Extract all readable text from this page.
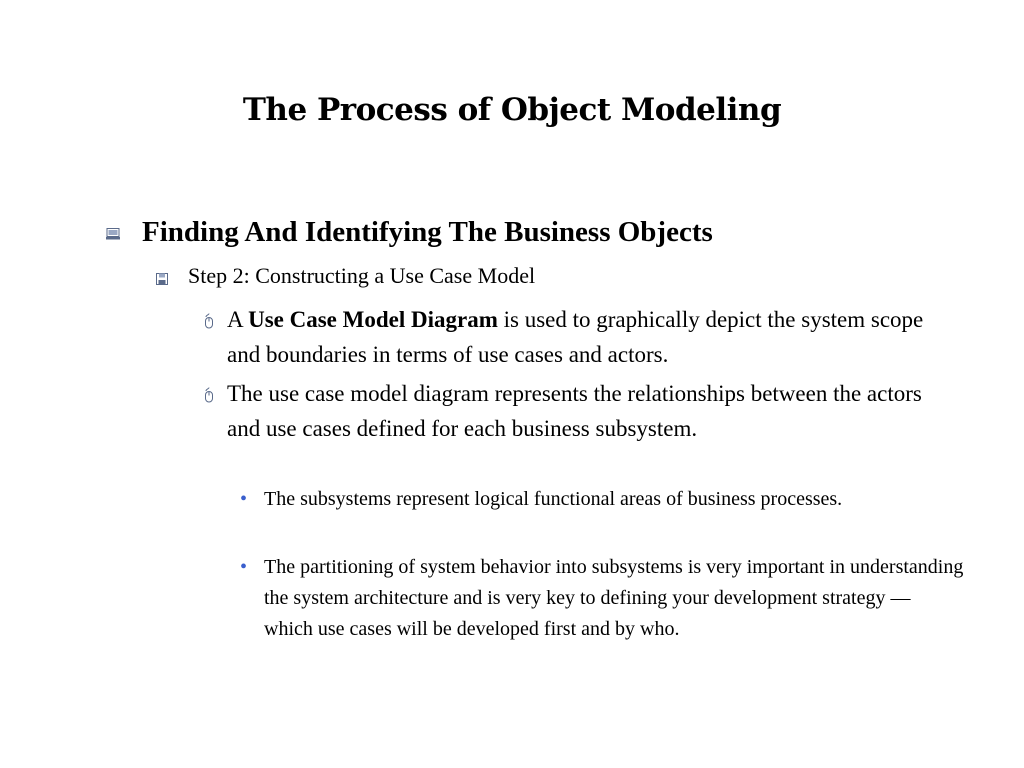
The Process of Object Modeling
Finding And Identifying The Business Objects
Step 2: Constructing a Use Case Model
A Use Case Model Diagram is used to graphically depict the system scope and boundaries in terms of use cases and actors.
The use case model diagram represents the relationships between the actors and use cases defined for each business subsystem.
• The subsystems represent logical functional areas of business processes.
• The partitioning of system behavior into subsystems is very important in understanding the system architecture and is very key to defining your development strategy — which use cases will be developed first and by who.
